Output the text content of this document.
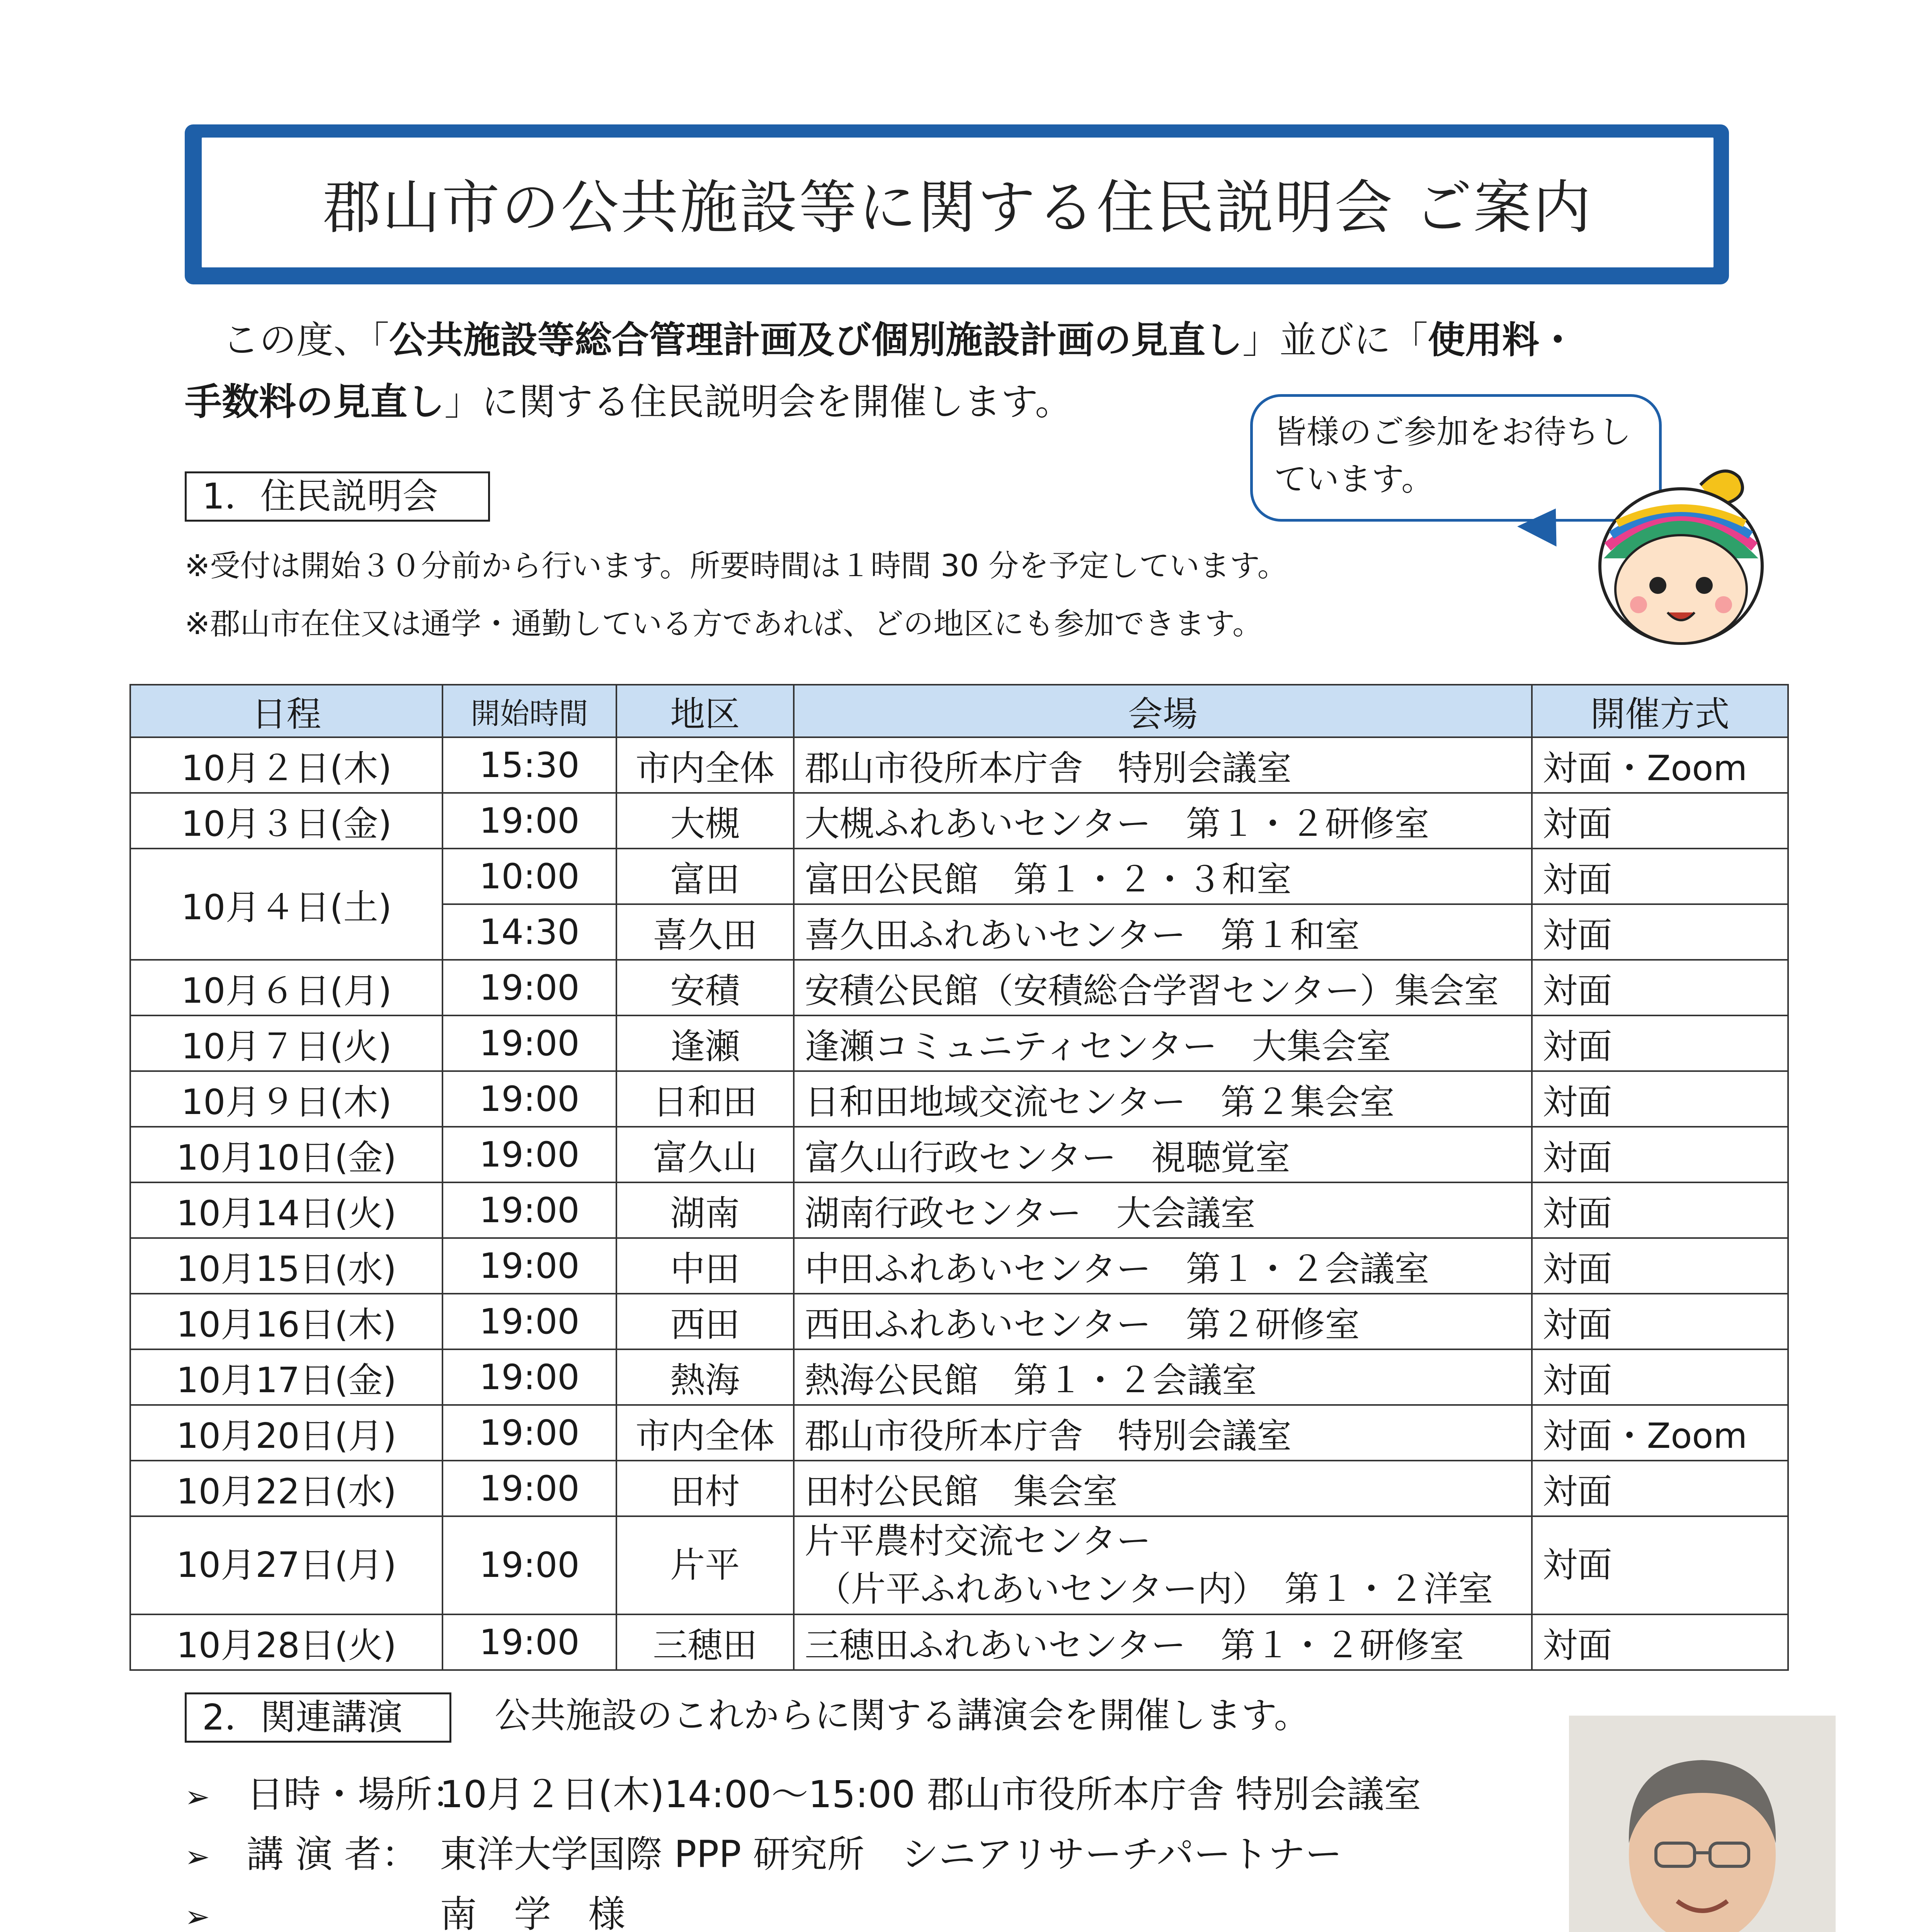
郡山市の公共施設等に関する住民説明会 ご案内
この度、「公共施設等総合管理計画及び個別施設計画の見直し」並びに「使用料・
手数料の見直し」に関する住民説明会を開催します。
皆様のご参加をお待ちし
ています。
1．住民説明会
※受付は開始３０分前から行います。所要時間は１時間 30 分を予定しています。
※郡山市在住又は通学・通勤している方であれば、どの地区にも参加できます。
日程	開始時間	地区	会場	開催方式
10月２日(木)	15:30	市内全体	郡山市役所本庁舎　特別会議室	対面・Zoom
10月３日(金)	19:00	大槻	大槻ふれあいセンター　第１・２研修室	対面
10月４日(土)	10:00	富田	富田公民館　第１・２・３和室	対面
	14:30	喜久田	喜久田ふれあいセンター　第１和室	対面
10月６日(月)	19:00	安積	安積公民館（安積総合学習センター）集会室	対面
10月７日(火)	19:00	逢瀬	逢瀬コミュニティセンター　大集会室	対面
10月９日(木)	19:00	日和田	日和田地域交流センター　第２集会室	対面
10月10日(金)	19:00	富久山	富久山行政センター　視聴覚室	対面
10月14日(火)	19:00	湖南	湖南行政センター　大会議室	対面
10月15日(水)	19:00	中田	中田ふれあいセンター　第１・２会議室	対面
10月16日(木)	19:00	西田	西田ふれあいセンター　第２研修室	対面
10月17日(金)	19:00	熱海	熱海公民館　第１・２会議室	対面
10月20日(月)	19:00	市内全体	郡山市役所本庁舎　特別会議室	対面・Zoom
10月22日(水)	19:00	田村	田村公民館　集会室	対面
10月27日(月)	19:00	片平	片平農村交流センター
（片平ふれあいセンター内）　第１・２洋室	対面
10月28日(火)	19:00	三穂田	三穂田ふれあいセンター　第１・２研修室	対面
2．関連講演	公共施設のこれからに関する講演会を開催します。
➢ 日時・場所：10月２日(木)14:00～15:00 郡山市役所本庁舎 特別会議室
➢ 講 演 者： 東洋大学国際 PPP 研究所　シニアリサーチパートナー
➢	南　学　様
